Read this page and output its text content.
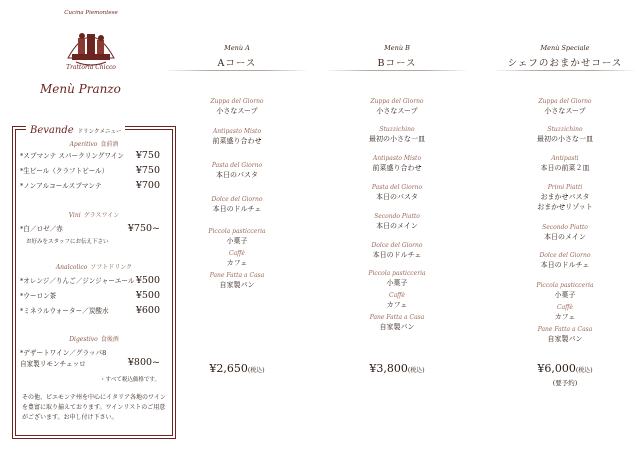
Cucina Piemontese
Trattoria Chicco
Menù Pranzo
Bevande ドリンクメニュー
Aperitivo 食前酒
*スプマンテ スパークリングワイン	¥750
*生ビール（クラフトビール）	¥750
*ノンアルコールスプマンテ	¥700
Vini グラスワイン
*白／ロゼ／赤	¥750~
お好みをスタッフにお伝え下さい
Analcolico ソフトドリンク
*オレンジ／りんご／ジンジャーエール ¥500
*ウーロン茶	¥500
*ミネラルウォーター／炭酸水	¥600
Digestivo 食後酒
*デザートワイン／グラッパ8
自家製リモンチェッロ	¥800~
・すべて税込価格です。
その他、ピエモンテ州を中心にイタリア各地のワインを豊富に取り揃えております。ワインリストのご用意がございます。お申し付け下さい。
Menù A
Aコース
Zuppa del Giorno
小さなスープ
Antipasto Misto
前菜盛り合わせ
Pasta del Giorno
本日のパスタ
Dolce del Giorno
本日のドルチェ
Piccola pasticceria
小菓子
Caffè
カフェ
Pane Fatta a Casa
自家製パン
¥2,650(税込)
Menù B
Bコース
Zuppa del Giorno
小さなスープ
Stuzzichino
最初の小さな一皿
Antipasto Misto
前菜盛り合わせ
Pasta del Giorno
本日のパスタ
Secondo Piatto
本日のメイン
Dolce del Giorno
本日のドルチェ
Piccola pasticceria
小菓子
Caffè
カフェ
Pane Fatta a Casa
自家製パン
¥3,800(税込)
Menù Speciale
シェフのおまかせコース
Zuppa del Giorno
小さなスープ
Stuzzichino
最初の小さな一皿
Antipasti
本日の前菜２皿
Primi Piatti
おまかせパスタ
おまかせリゾット
Secondo Piatto
本日のメイン
Dolce del Giorno
本日のドルチェ
Piccola pasticceria
小菓子
Caffè
カフェ
Pane Fatta a Casa
自家製パン
¥6,000(税込)
(要予約)
